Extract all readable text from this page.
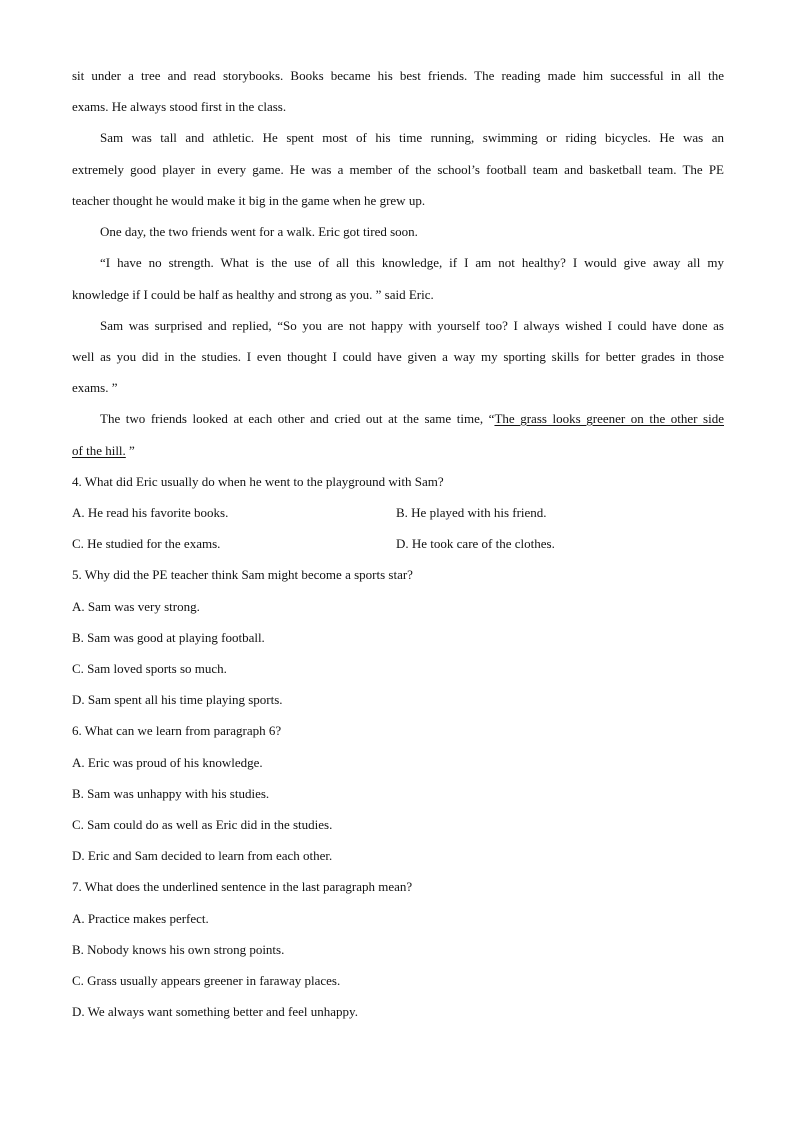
sit under a tree and read storybooks. Books became his best friends. The reading made him successful in all the
exams. He always stood first in the class.
Sam was tall and athletic. He spent most of his time running, swimming or riding bicycles. He was an
extremely good player in every game. He was a member of the school’s football team and basketball team. The PE
teacher thought he would make it big in the game when he grew up.
One day, the two friends went for a walk. Eric got tired soon.
“I have no strength. What is the use of all this knowledge, if I am not healthy? I would give away all my
knowledge if I could be half as healthy and strong as you. ” said Eric.
Sam was surprised and replied, “So you are not happy with yourself too? I always wished I could have done as
well as you did in the studies. I even thought I could have given a way my sporting skills for better grades in those
exams. ”
The two friends looked at each other and cried out at the same time, “The grass looks greener on the other side
of the hill. ”
4. What did Eric usually do when he went to the playground with Sam?
A. He read his favorite books.	B. He played with his friend.
C. He studied for the exams.	D. He took care of the clothes.
5. Why did the PE teacher think Sam might become a sports star?
A. Sam was very strong.
B. Sam was good at playing football.
C. Sam loved sports so much.
D. Sam spent all his time playing sports.
6. What can we learn from paragraph 6?
A. Eric was proud of his knowledge.
B. Sam was unhappy with his studies.
C. Sam could do as well as Eric did in the studies.
D. Eric and Sam decided to learn from each other.
7. What does the underlined sentence in the last paragraph mean?
A. Practice makes perfect.
B. Nobody knows his own strong points.
C. Grass usually appears greener in faraway places.
D. We always want something better and feel unhappy.
